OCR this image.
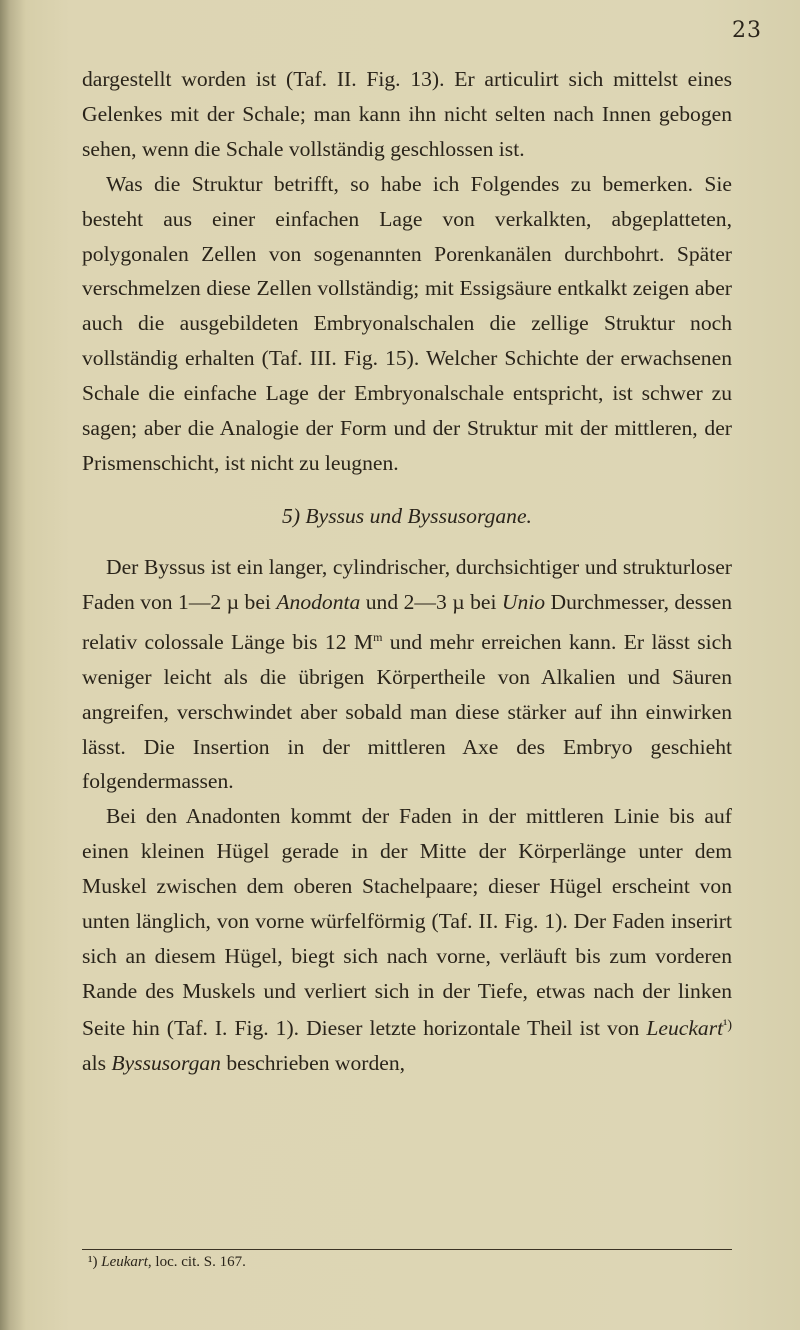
23

dargestellt worden ist (Taf. II. Fig. 13). Er articulirt sich mittelst eines Gelenkes mit der Schale; man kann ihn nicht selten nach Innen gebogen sehen, wenn die Schale vollständig geschlossen ist.

Was die Struktur betrifft, so habe ich Folgendes zu bemerken. Sie besteht aus einer einfachen Lage von verkalkten, abgeplatteten, polygonalen Zellen von sogenannten Porenkanälen durchbohrt. Später verschmelzen diese Zellen vollständig; mit Essigsäure entkalkt zeigen aber auch die ausgebildeten Embryonalschalen die zellige Struktur noch vollständig erhalten (Taf. III. Fig. 15). Welcher Schichte der erwachsenen Schale die einfache Lage der Embryonalschale entspricht, ist schwer zu sagen; aber die Analogie der Form und der Struktur mit der mittleren, der Prismenschicht, ist nicht zu leugnen.

5) Byssus und Byssusorgane.

Der Byssus ist ein langer, cylindrischer, durchsichtiger und strukturloser Faden von 1—2 µ bei Anodonta und 2—3 µ bei Unio Durchmesser, dessen relativ colossale Länge bis 12 $M^m$ und mehr erreichen kann. Er lässt sich weniger leicht als die übrigen Körpertheile von Alkalien und Säuren angreifen, verschwindet aber sobald man diese stärker auf ihn einwirken lässt. Die Insertion in der mittleren Axe des Embryo geschieht folgendermassen.

Bei den Anadonten kommt der Faden in der mittleren Linie bis auf einen kleinen Hügel gerade in der Mitte der Körperlänge unter dem Muskel zwischen dem oberen Stachelpaare; dieser Hügel erscheint von unten länglich, von vorne würfelförmig (Taf. II. Fig. 1). Der Faden inserirt sich an diesem Hügel, biegt sich nach vorne, verläuft bis zum vorderen Rande des Muskels und verliert sich in der Tiefe, etwas nach der linken Seite hin (Taf. I. Fig. 1). Dieser letzte horizontale Theil ist von Leuckart$^{^1)}$ als Byssusorgan beschrieben worden,

¹) Leukart, loc. cit. S. 167.
